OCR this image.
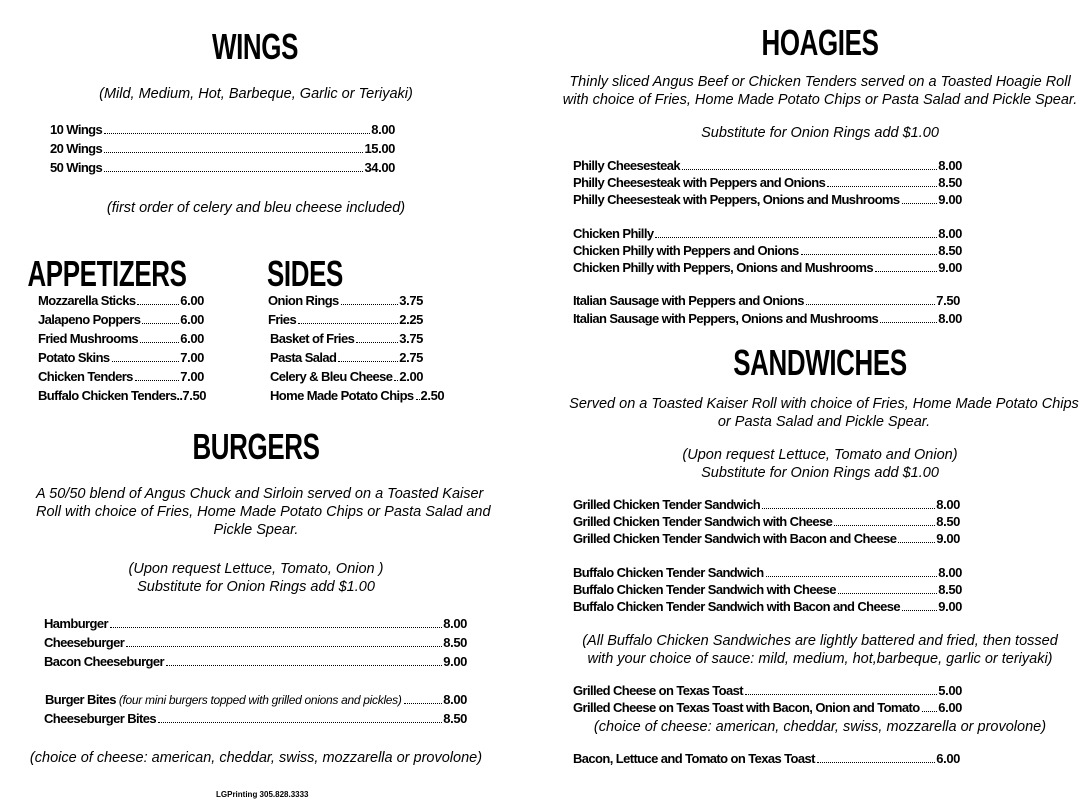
WINGS
(Mild, Medium, Hot, Barbeque, Garlic or Teriyaki)
10 Wings	8.00
20 Wings	15.00
50 Wings	34.00
(first order of celery and bleu cheese included)
APPETIZERS
Mozzarella Sticks	6.00
Jalapeno Poppers	6.00
Fried Mushrooms	6.00
Potato Skins	7.00
Chicken Tenders	7.00
Buffalo Chicken Tenders.. 7.50
SIDES
Onion Rings	3.75
Fries	2.25
Basket of Fries	3.75
Pasta Salad	2.75
Celery & Bleu Cheese 2.00
Home Made Potato Chips 2.50
BURGERS
A 50/50 blend of Angus Chuck and Sirloin served on a Toasted Kaiser
Roll with choice of Fries, Home Made Potato Chips or Pasta Salad and
Pickle Spear.
(Upon request Lettuce, Tomato, Onion )
Substitute for Onion Rings add $1.00
Hamburger	8.00
Cheeseburger	8.50
Bacon Cheeseburger	9.00
Burger Bites (four mini burgers topped with grilled onions and pickles)	8.00
Cheeseburger Bites	8.50
(choice of cheese: american, cheddar, swiss, mozzarella or provolone)
HOAGIES
Thinly sliced Angus Beef or Chicken Tenders served on a Toasted Hoagie Roll
with choice of Fries, Home Made Potato Chips or Pasta Salad and Pickle Spear.
Substitute for Onion Rings add $1.00
Philly Cheesesteak	8.00
Philly Cheesesteak with Peppers and Onions	8.50
Philly Cheesesteak with Peppers, Onions and Mushrooms	9.00
Chicken Philly	8.00
Chicken Philly with Peppers and Onions	8.50
Chicken Philly with Peppers, Onions and Mushrooms	9.00
Italian Sausage with Peppers and Onions	7.50
Italian Sausage with Peppers, Onions and Mushrooms	8.00
SANDWICHES
Served on a Toasted Kaiser Roll with choice of Fries, Home Made Potato Chips
or Pasta Salad and Pickle Spear.
(Upon request Lettuce, Tomato and Onion)
Substitute for Onion Rings add $1.00
Grilled Chicken Tender Sandwich	8.00
Grilled Chicken Tender Sandwich with Cheese	8.50
Grilled Chicken Tender Sandwich with Bacon and Cheese	9.00
Buffalo Chicken Tender Sandwich	8.00
Buffalo Chicken Tender Sandwich with Cheese	8.50
Buffalo Chicken Tender Sandwich with Bacon and Cheese	9.00
(All Buffalo Chicken Sandwiches are lightly battered and fried, then tossed
with your choice of sauce: mild, medium, hot,barbeque, garlic or teriyaki)
Grilled Cheese on Texas Toast	5.00
Grilled Cheese on Texas Toast with Bacon, Onion and Tomato 6.00
(choice of cheese: american, cheddar, swiss, mozzarella or provolone)
Bacon, Lettuce and Tomato on Texas Toast	6.00
LGPrinting 305.828.3333
